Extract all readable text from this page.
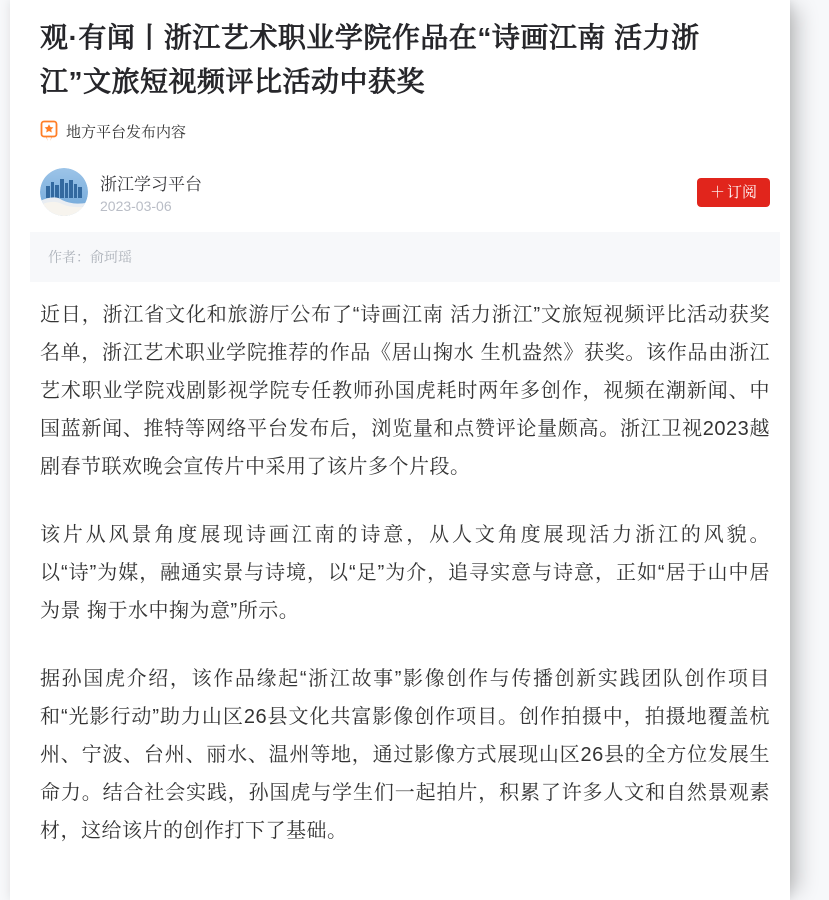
观·有闻丨浙江艺术职业学院作品在“诗画江南 活力浙江”文旅短视频评比活动中获奖
地方平台发布内容
浙江学习平台
2023-03-06
＋ 订阅
作者：俞珂瑶

近日，浙江省文化和旅游厅公布了“诗画江南 活力浙江”文旅短视频评比活动获奖名单，浙江艺术职业学院推荐的作品《居山掬水 生机盎然》获奖。该作品由浙江艺术职业学院戏剧影视学院专任教师孙国虎耗时两年多创作，视频在潮新闻、中国蓝新闻、推特等网络平台发布后，浏览量和点赞评论量颇高。浙江卫视2023越剧春节联欢晚会宣传片中采用了该片多个片段。

该片从风景角度展现诗画江南的诗意，从人文角度展现活力浙江的风貌。以“诗”为媒，融通实景与诗境，以“足”为介，追寻实意与诗意，正如“居于山中居为景 掬于水中掬为意”所示。

据孙国虎介绍，该作品缘起“浙江故事”影像创作与传播创新实践团队创作项目和“光影行动”助力山区26县文化共富影像创作项目。创作拍摄中，拍摄地覆盖杭州、宁波、台州、丽水、温州等地，通过影像方式展现山区26县的全方位发展生命力。结合社会实践，孙国虎与学生们一起拍片，积累了许多人文和自然景观素材，这给该片的创作打下了基础。
